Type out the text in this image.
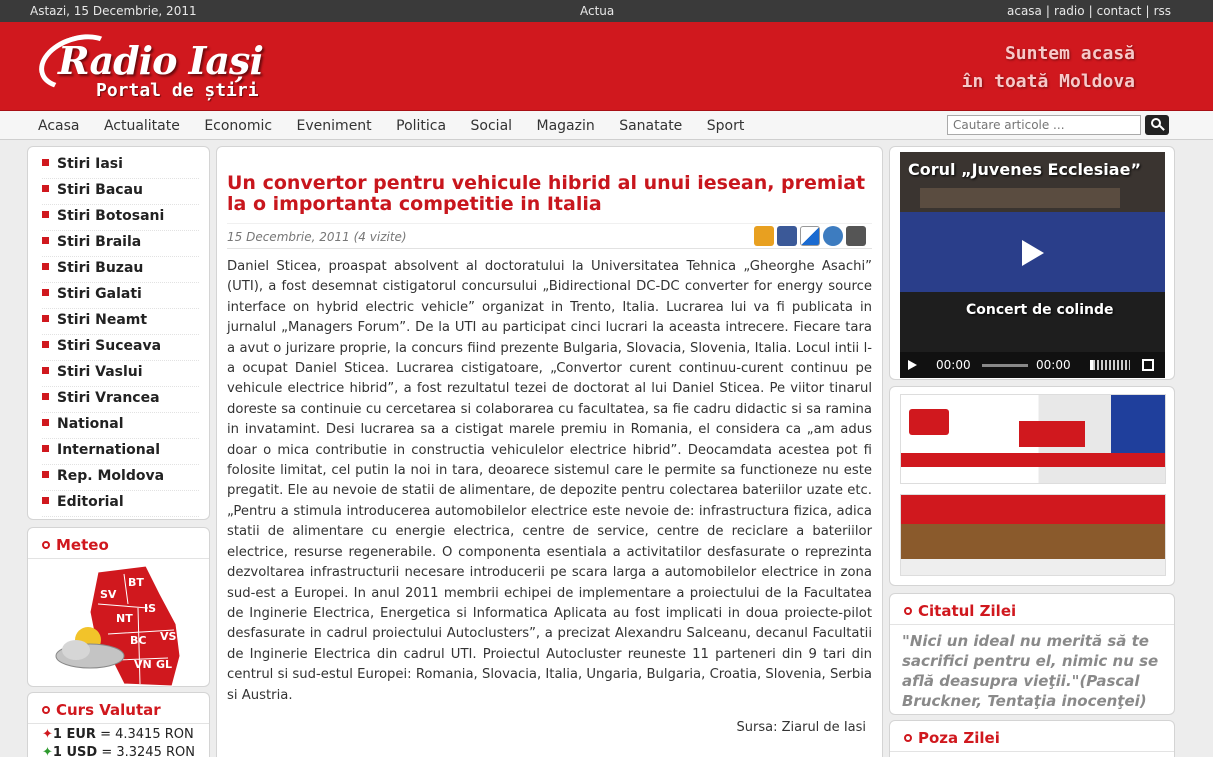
Astazi, 15 Decembrie, 2011	Actua	acasa | radio | contact | rss
Radio Iași
Portal de știri
Suntem acasă
în toată Moldova
Acasa Actualitate Economic Eveniment Politica Social Magazin Sanatate Sport
Cautare articole ...
Stiri Iasi
Stiri Bacau
Stiri Botosani
Stiri Braila
Stiri Buzau
Stiri Galati
Stiri Neamt
Stiri Suceava
Stiri Vaslui
Stiri Vrancea
National
International
Rep. Moldova
Editorial
Meteo
BT
SV
IS
NT
BC VS
VN GL
Curs Valutar
✦1 EUR = 4.3415 RON
✦1 USD = 3.3245 RON
Un convertor pentru vehicule hibrid al unui iesean, premiat la o importanta competitie in Italia
15 Decembrie, 2011 (4 vizite)
Daniel Sticea, proaspat absolvent al doctoratului la Universitatea Tehnica „Gheorghe Asachi” (UTI), a fost desemnat cistigatorul concursului „Bidirectional DC-DC converter for energy source interface on hybrid electric vehicle” organizat in Trento, Italia. Lucrarea lui va fi publicata in jurnalul „Managers Forum”. De la UTI au participat cinci lucrari la aceasta intrecere. Fiecare tara a avut o jurizare proprie, la concurs fiind prezente Bulgaria, Slovacia, Slovenia, Italia. Locul intii l-a ocupat Daniel Sticea. Lucrarea cistigatoare, „Convertor curent continuu-curent continuu pe vehicule electrice hibrid”, a fost rezultatul tezei de doctorat al lui Daniel Sticea. Pe viitor tinarul doreste sa continuie cu cercetarea si colaborarea cu facultatea, sa fie cadru didactic si sa ramina in invatamint. Desi lucrarea sa a cistigat marele premiu in Romania, el considera ca „am adus doar o mica contributie in constructia vehiculelor electrice hibrid”. Deocamdata acestea pot fi folosite limitat, cel putin la noi in tara, deoarece sistemul care le permite sa functioneze nu este pregatit. Ele au nevoie de statii de alimentare, de depozite pentru colectarea bateriilor uzate etc. „Pentru a stimula introducerea automobilelor electrice este nevoie de: infrastructura fizica, adica statii de alimentare cu energie electrica, centre de service, centre de reciclare a bateriilor electrice, resurse regenerabile. O componenta esentiala a activitatilor desfasurate o reprezinta dezvoltarea infrastructurii necesare introducerii pe scara larga a automobilelor electrice in zona sud-est a Europei. In anul 2011 membrii echipei de implementare a proiectului de la Facultatea de Inginerie Electrica, Energetica si Informatica Aplicata au fost implicati in doua proiecte-pilot desfasurate in cadrul proiectului Autoclusters”, a precizat Alexandru Salceanu, decanul Facultatii de Inginerie Electrica din cadrul UTI. Proiectul Autocluster reuneste 11 parteneri din 9 tari din centrul si sud-estul Europei: Romania, Slovacia, Italia, Ungaria, Bulgaria, Croatia, Slovenia, Serbia si Austria.
Sursa: Ziarul de Iasi
Corul „Juvenes Ecclesiae”
Concert de colinde
00:00	00:00
Citatul Zilei
"Nici un ideal nu merită să te sacrifici pentru el, nimic nu se află deasupra vieţii."(Pascal Bruckner, Tentaţia inocenţei)
Poza Zilei
